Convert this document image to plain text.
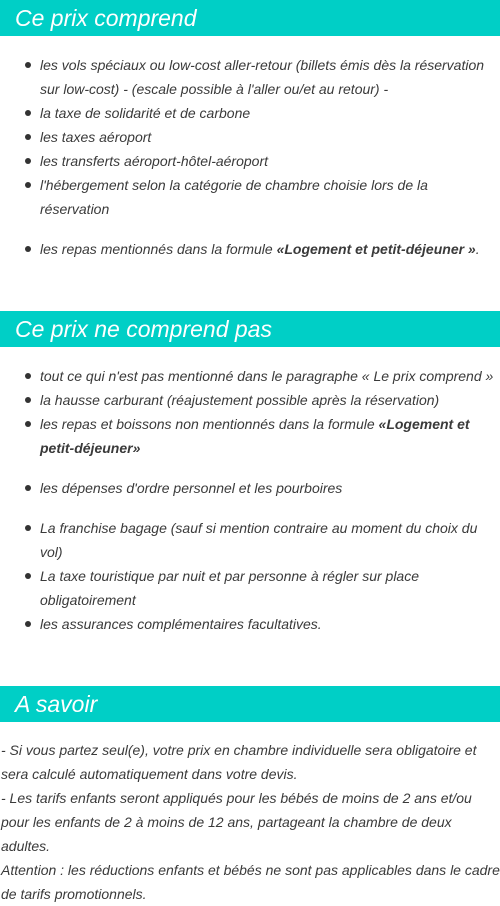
Ce prix comprend
les vols spéciaux ou low-cost aller-retour (billets émis dès la réservation sur low-cost) - (escale possible à l'aller ou/et au retour) -
la taxe de solidarité et de carbone
les taxes aéroport
les transferts aéroport-hôtel-aéroport
l'hébergement selon la catégorie de chambre choisie lors de la réservation
les repas mentionnés dans la formule «Logement et petit-déjeuner ».
Ce prix ne comprend pas
tout ce qui n'est pas mentionné dans le paragraphe « Le prix comprend »
la hausse carburant (réajustement possible après la réservation)
les repas et boissons non mentionnés dans la formule «Logement et petit-déjeuner»
les dépenses d'ordre personnel et les pourboires
La franchise bagage (sauf si mention contraire au moment du choix du vol)
La taxe touristique par nuit et par personne à régler sur place obligatoirement
les assurances complémentaires facultatives.
A savoir

- Si vous partez seul(e), votre prix en chambre individuelle sera obligatoire et sera calculé automatiquement dans votre devis.

- Les tarifs enfants seront appliqués pour les bébés de moins de 2 ans et/ou pour les enfants de 2 à moins de 12 ans, partageant la chambre de deux adultes.

Attention : les réductions enfants et bébés ne sont pas applicables dans le cadre de tarifs promotionnels.
